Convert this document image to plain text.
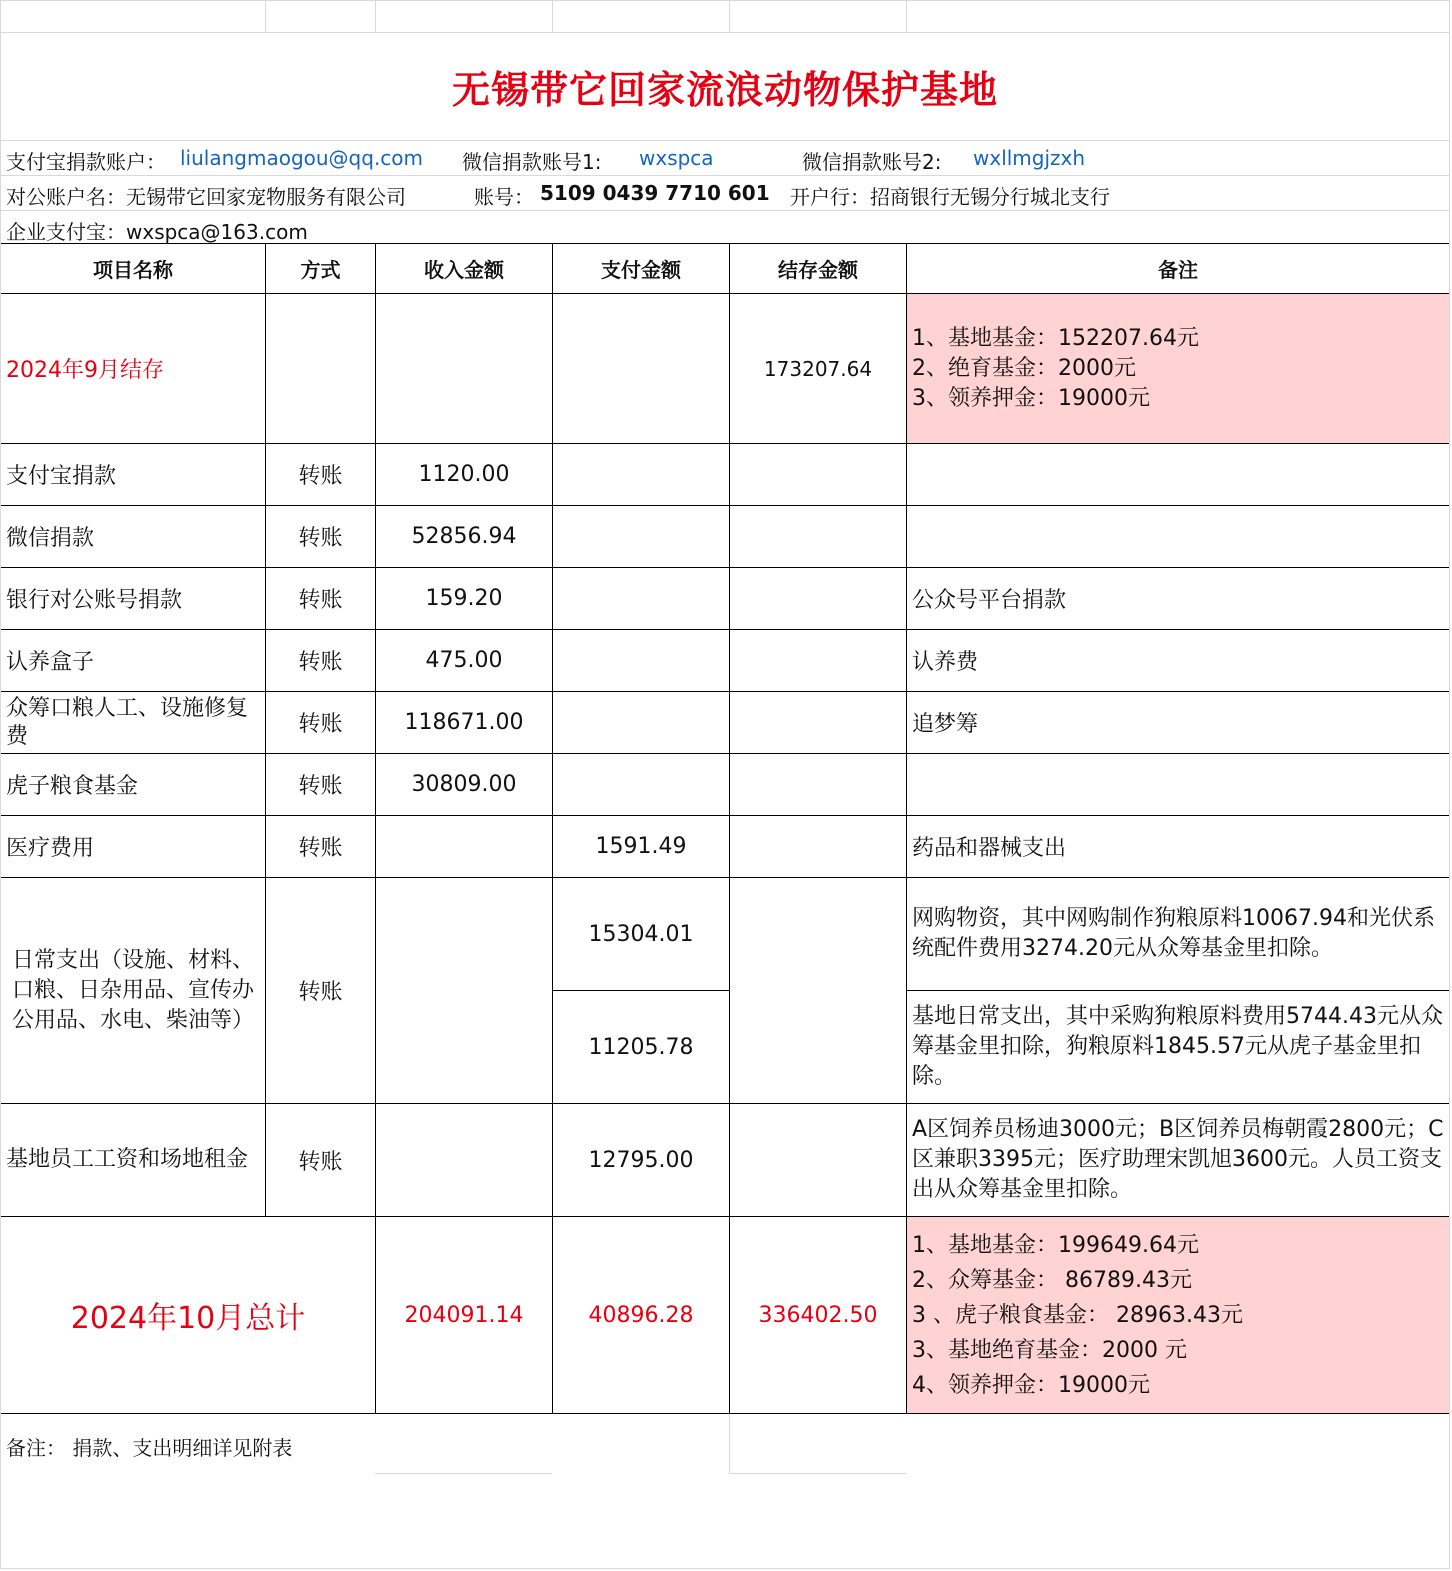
无锡带它回家流浪动物保护基地
支付宝捐款账户： liulangmaogou@qq.com 微信捐款账号1: wxspca	微信捐款账号2: wxllmgjzxh
对公账户名：无锡带它回家宠物服务有限公司	账号： 5109 0439 7710 601 开户行：招商银行无锡分行城北支行
企业支付宝：wxspca@163.com
项目名称	方式	收入金额	支付金额	结存金额	备注
2024年9月结存				173207.64	1、基地基金：152207.64元
2、绝育基金：2000元
3、领养押金：19000元

支付宝捐款	转账	1120.00			
微信捐款	转账	52856.94			
银行对公账号捐款	转账	159.20			公众号平台捐款
认养盒子	转账	475.00			认养费
众筹口粮人工、设施修复费	转账	118671.00			追梦筹
虎子粮食基金	转账	30809.00			
医疗费用	转账		1591.49		药品和器械支出
日常支出（设施、材料、口粮、日杂用品、宣传办公用品、水电、柴油等）	转账		15304.01		网购物资，其中网购制作狗粮原料10067.94和光伏系统配件费用3274.20元从众筹基金里扣除。
			11205.78		基地日常支出，其中采购狗粮原料费用5744.43元从众筹基金里扣除，狗粮原料1845.57元从虎子基金里扣除。
基地员工工资和场地租金	转账		12795.00		A区饲养员杨迪3000元；B区饲养员梅朝霞2800元；C区兼职3395元；医疗助理宋凯旭3600元。人员工资支出从众筹基金里扣除。
2024年10月总计		204091.14	40896.28	336402.50	1、基地基金：199649.64元
2、众筹基金： 86789.43元
3 、虎子粮食基金： 28963.43元
3、基地绝育基金：2000 元
4、领养押金：19000元
备注： 捐款、支出明细详见附表
